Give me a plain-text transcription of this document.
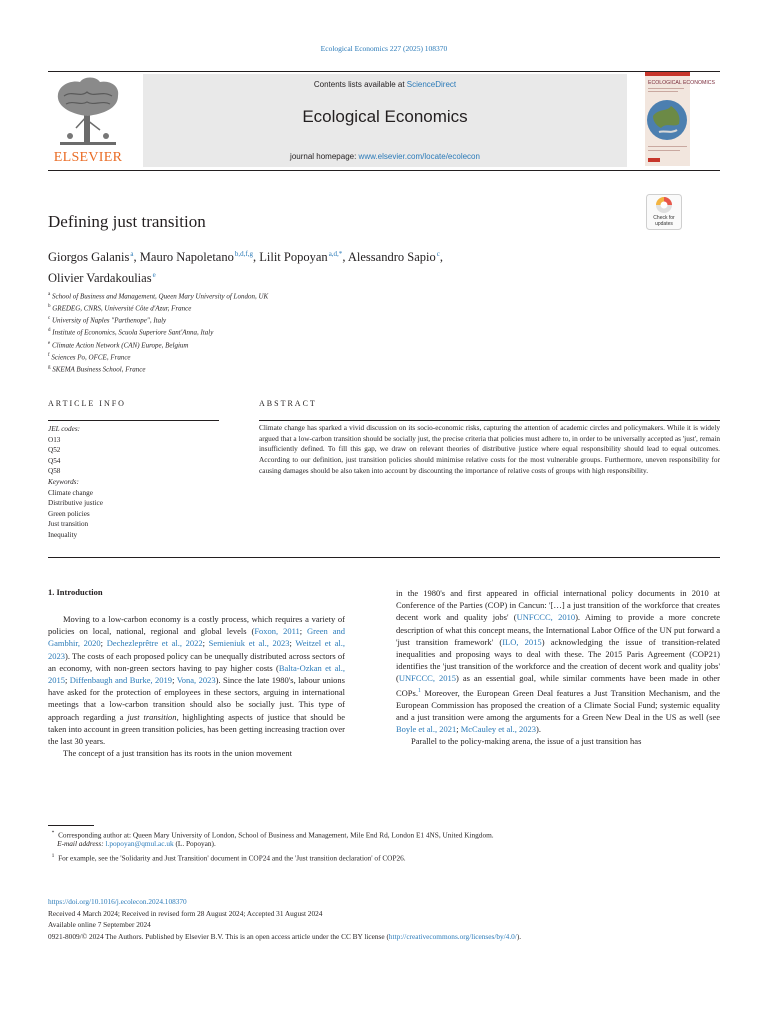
Ecological Economics 227 (2025) 108370
ELSEVIER
Contents lists available at ScienceDirect
Ecological Economics
journal homepage: www.elsevier.com/locate/ecolecon
ECOLOGICAL ECONOMICS
Check for
updates
Defining just transition
Giorgos Galanis $^a$, Mauro Napoletano $^{b,d,f,g}$, Lilit Popoyan $^{a,d,*}$, Alessandro Sapio $^c$,
Olivier Vardakoulias $^e$
$^a$ School of Business and Management, Queen Mary University of London, UK
$^b$ GREDEG, CNRS, Université Côte d'Azur, France
$^c$ University of Naples "Parthenope", Italy
$^d$ Institute of Economics, Scuola Superiore Sant'Anna, Italy
$^e$ Climate Action Network (CAN) Europe, Belgium
$^f$ Sciences Po, OFCE, France
$^g$ SKEMA Business School, France
ARTICLE INFO	ABSTRACT
JEL codes:
O13
Q52
Q54
Q58
Keywords:
Climate change
Distributive justice
Green policies
Just transition
Inequality
Climate change has sparked a vivid discussion on its socio-economic risks, capturing the attention of academic circles and policymakers. While it is widely argued that a low-carbon transition should be socially just, the precise criteria that policies must adhere to, in order to be universally accepted as 'just', remain insufficiently defined. To fill this gap, we draw on relevant theories of distributive justice where equal responsibility should lead to equal outcomes. According to our definition, just transition policies should minimise relative costs for the most vulnerable groups. Furthermore, uneven responsibility for causing damages should be also taken into account by discounting the importance of relative costs of groups with high responsibility.
1. Introduction

Moving to a low-carbon economy is a costly process, which requires a variety of policies on local, national, regional and global levels (Foxon, 2011; Green and Gambhir, 2020; Dechezleprêtre et al., 2022; Semieniuk et al., 2023; Weitzel et al., 2023). The costs of each proposed policy can be unequally distributed across sectors of an economy, with non-green sectors having to pay higher costs (Balta-Ozkan et al., 2015; Diffenbaugh and Burke, 2019; Vona, 2023). Since the late 1980's, labour unions have asked for the protection of employees in these sectors, arguing in international meetings that a low-carbon transition should also be socially just. This type of approach regarding a just transition, highlighting aspects of justice that should be taken into account in green transition policies, has been getting increasing traction over the last 30 years.

The concept of a just transition has its roots in the union movement

in the 1980's and first appeared in official international policy documents in 2010 at Conference of the Parties (COP) in Cancun: '[…] a just transition of the workforce that creates decent work and quality jobs' (UNFCCC, 2010). Aiming to provide a more concrete description of what this concept means, the International Labor Office of the UN put forward a 'just transition framework' (ILO, 2015) acknowledging the issue of transition-related inequalities and proposing ways to deal with these. The 2015 Paris Agreement (COP21) identifies the 'just transition of the workforce and the creation of decent work and quality jobs' (UNFCCC, 2015) as an essential goal, while similar comments have been made in other COPs.$^1$ Moreover, the European Green Deal features a Just Transition Mechanism, and the European Commission has proposed the creation of a Climate Social Fund; systemic equality and a just transition were among the arguments for a Green New Deal in the US as well (see Boyle et al., 2021; McCauley et al., 2023).

Parallel to the policy-making arena, the issue of a just transition has

* Corresponding author at: Queen Mary University of London, School of Business and Management, Mile End Rd, London E1 4NS, United Kingdom.
E-mail address: l.popoyan@qmul.ac.uk (L. Popoyan).
$^1$ For example, see the 'Solidarity and Just Transition' document in COP24 and the 'Just transition declaration' of COP26.
https://doi.org/10.1016/j.ecolecon.2024.108370
Received 4 March 2024; Received in revised form 28 August 2024; Accepted 31 August 2024
Available online 7 September 2024
0921-8009/© 2024 The Authors. Published by Elsevier B.V. This is an open access article under the CC BY license (http://creativecommons.org/licenses/by/4.0/).
